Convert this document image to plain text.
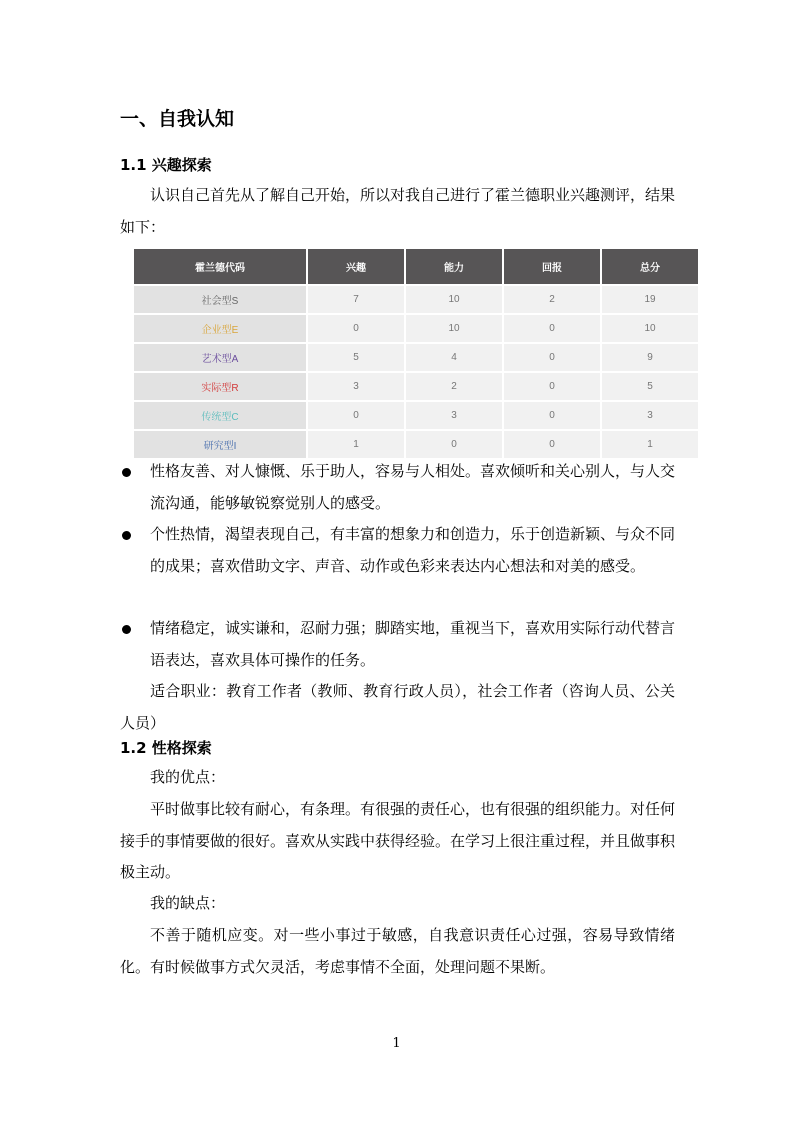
一、自我认知
1.1 兴趣探索
认识自己首先从了解自己开始，所以对我自己进行了霍兰德职业兴趣测评，结果如下：
霍兰德代码	兴趣	能力	回报	总分
社会型S	7	10	2	19
企业型E	0	10	0	10
艺术型A	5	4	0	9
实际型R	3	2	0	5
传统型C	0	3	0	3
研究型I	1	0	0	1
性格友善、对人慷慨、乐于助人，容易与人相处。喜欢倾听和关心别人，与人交流沟通，能够敏锐察觉别人的感受。
个性热情，渴望表现自己，有丰富的想象力和创造力，乐于创造新颖、与众不同的成果；喜欢借助文字、声音、动作或色彩来表达内心想法和对美的感受。
情绪稳定，诚实谦和，忍耐力强；脚踏实地，重视当下，喜欢用实际行动代替言语表达，喜欢具体可操作的任务。
适合职业：教育工作者（教师、教育行政人员），社会工作者（咨询人员、公关人员）
1.2 性格探索
我的优点：
平时做事比较有耐心，有条理。有很强的责任心，也有很强的组织能力。对任何接手的事情要做的很好。喜欢从实践中获得经验。在学习上很注重过程，并且做事积极主动。
我的缺点：
不善于随机应变。对一些小事过于敏感，自我意识责任心过强，容易导致情绪化。有时候做事方式欠灵活，考虑事情不全面，处理问题不果断。
1
